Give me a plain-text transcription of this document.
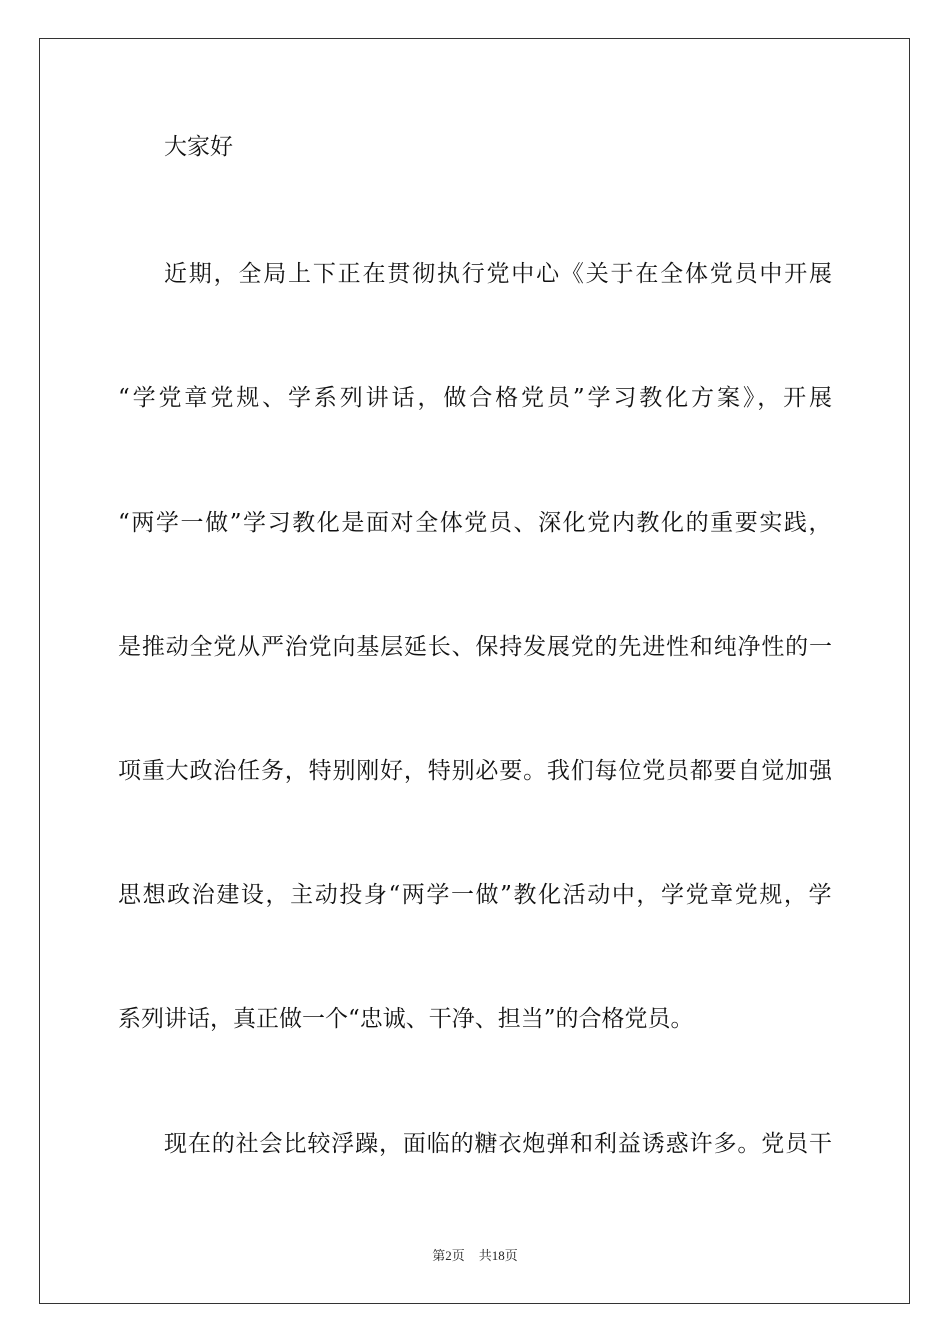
大家好

近期，全局上下正在贯彻执行党中心《关于在全体党员中开展

“学党章党规、学系列讲话，做合格党员”学习教化方案》，开展

“两学一做”学习教化是面对全体党员、深化党内教化的重要实践，

是推动全党从严治党向基层延长、保持发展党的先进性和纯净性的一

项重大政治任务，特别刚好，特别必要。我们每位党员都要自觉加强

思想政治建设，主动投身“两学一做”教化活动中，学党章党规，学

系列讲话，真正做一个“忠诚、干净、担当”的合格党员。

现在的社会比较浮躁，面临的糖衣炮弹和利益诱惑许多。党员干

第2页 共18页
